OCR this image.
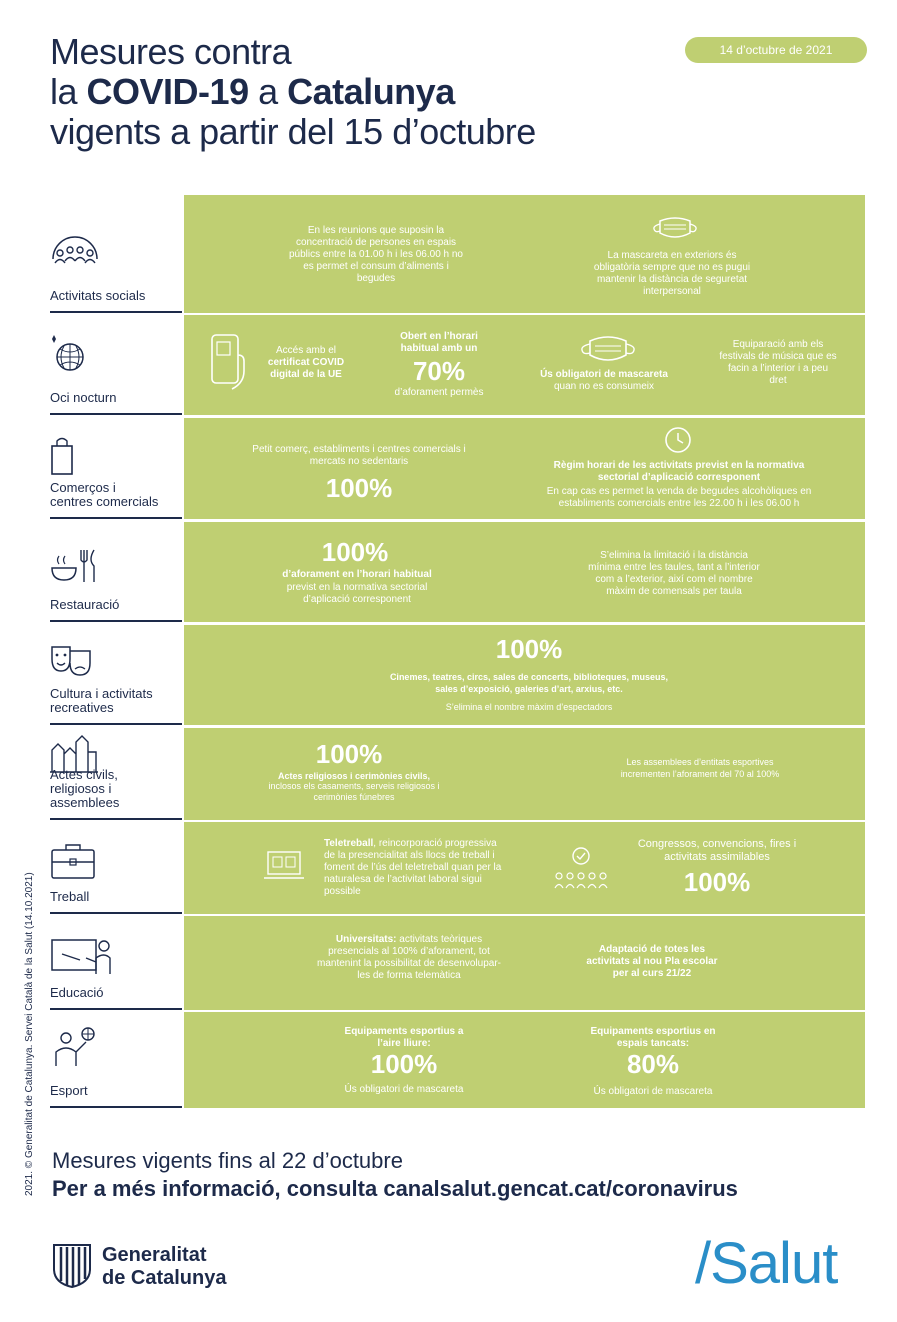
Mesures contra
la COVID-19 a Catalunya
vigents a partir del 15 d’octubre
14 d’octubre de 2021
Activitats socials
En les reunions que suposin la concentració de persones en espais públics entre la 01.00 h i les 06.00 h no es permet el consum d’aliments i begudes
La mascareta en exteriors és obligatòria sempre que no es pugui mantenir la distància de seguretat interpersonal
Oci nocturn
Accés amb el certificat COVID digital de la UE
Obert en l’horari habitual amb un
70%
d’aforament permès
Ús obligatori de mascareta
quan no es consumeix
Equiparació amb els festivals de música que es facin a l’interior i a peu dret
Comerços i
centres comercials
Petit comerç, establiments i centres comercials i mercats no sedentaris
100%
Règim horari de les activitats previst en la normativa sectorial d’aplicació corresponent
En cap cas es permet la venda de begudes alcohòliques en establiments comercials entre les 22.00 h i les 06.00 h
Restauració
100%
d’aforament en l’horari habitual
previst en la normativa sectorial d’aplicació corresponent
S’elimina la limitació i la distància mínima entre les taules, tant a l’interior com a l’exterior, així com el nombre màxim de comensals per taula
Cultura i activitats
recreatives
100%
Cinemes, teatres, circs, sales de concerts, biblioteques, museus, sales d’exposició, galeries d’art, arxius, etc.
S’elimina el nombre màxim d’espectadors
Actes civils,
religiosos i
assemblees
100%
Actes religiosos i cerimònies civils,
inclosos els casaments, serveis religiosos i cerimònies fúnebres
Les assemblees d’entitats esportives incrementen l’aforament del 70 al 100%
Treball
Teletreball, reincorporació progressiva de la presencialitat als llocs de treball i foment de l’ús del teletreball quan per la naturalesa de l’activitat laboral sigui possible
Congressos, convencions, fires i activitats assimilables
100%
Educació
Universitats: activitats teòriques presencials al 100% d’aforament, tot mantenint la possibilitat de desenvolupar-les de forma telemàtica
Adaptació de totes les activitats al nou Pla escolar per al curs 21/22
Esport
Equipaments esportius a l’aire lliure:
100%
Ús obligatori de mascareta
Equipaments esportius en espais tancats:
80%
Ús obligatori de mascareta
2021. © Generalitat de Catalunya. Servei Català de la Salut (14.10.2021) Mesures vigents fins al 22 d’octubre
Per a més informació, consulta canalsalut.gencat.cat/coronavirus
Generalitat
de Catalunya	/Salut
